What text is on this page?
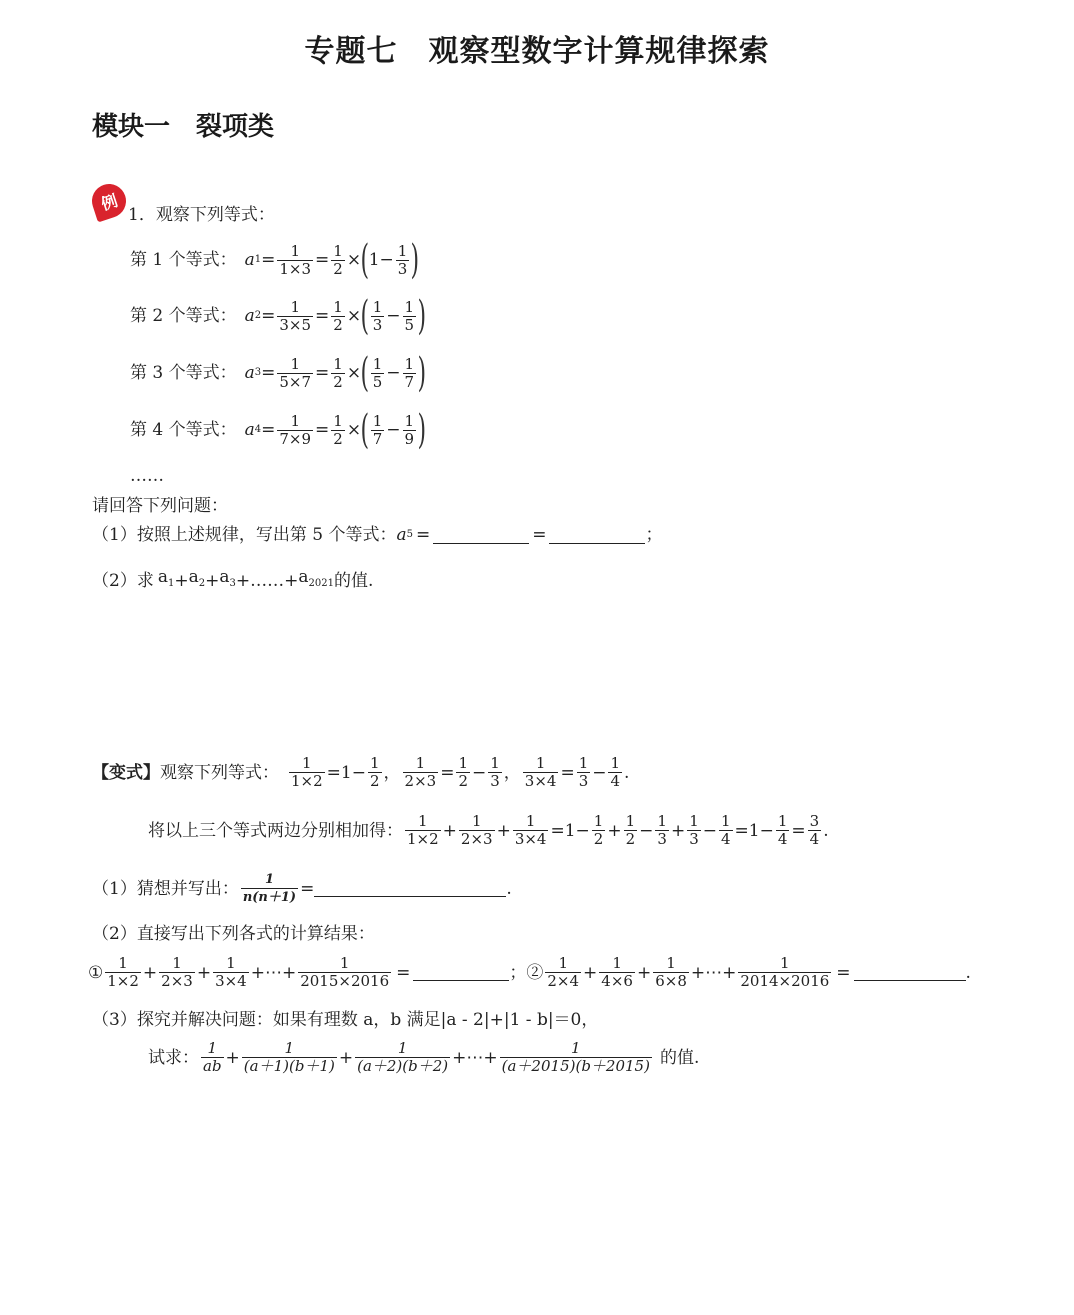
专题七　观察型数字计算规律探索
模块一　裂项类
例
1．观察下列等式：
第 1 个等式： a $1 = \frac{1}{1\times 3} = \frac{1}{2}$ × ( $1 - \frac{1}{3}$ )
第 2 个等式： a $2 = \frac{1}{3\times 5} = \frac{1}{2}$ × ( $\frac{1}{3} - \frac{1}{5}$ )
第 3 个等式： a $3 = \frac{1}{5\times 7} = \frac{1}{2}$ × ( $\frac{1}{5} - \frac{1}{7}$ )
第 4 个等式： a $4 = \frac{1}{7\times 9} = \frac{1}{2}$ × ( $\frac{1}{7} - \frac{1}{9}$ )
……
请回答下列问题：
（1）按照上述规律，写出第 5 个等式： a 5 =	=	；
（2）求 $a_1 + a_2 + a_3$ + …… + $a_{2021}$ 的值.
【变式】 观察下列等式： $\frac{1}{1\times 2} = 1 - \frac{1}{2}$ ， $\frac{1}{2\times 3} = \frac{1}{2} - \frac{1}{3}$ ， $\frac{1}{3\times 4} = \frac{1}{3} - \frac{1}{4}$ .
将以上三个等式两边分别相加得： $\frac{1}{1\times 2} + \frac{1}{2\times 3} + \frac{1}{3\times 4} = 1 - \frac{1}{2} + \frac{1}{2} - \frac{1}{3} + \frac{1}{3} - \frac{1}{4} = 1 - \frac{1}{4} = \frac{3}{4}$ .
（1）猜想并写出： $\frac{1}{n(n+1)}$ =	.
（2）直接写出下列各式的计算结果：
① $\frac{1}{1\times 2} + \frac{1}{2\times 3} + \frac{1}{3\times 4}$ + ⋯ + $\frac{1}{2015\times 2016}$ =	；② $\frac{1}{2\times 4} + \frac{1}{4\times 6} + \frac{1}{6\times 8}$ + ⋯ + $\frac{1}{2014\times 2016}$ =	.
（3）探究并解决问题：如果有理数 a，b 满足|a - 2|+|1 - b|＝0，
试求： $\frac{1}{ab} + \frac{1}{(a+1)(b+1)} + \frac{1}{(a+2)(b+2)}$ + ⋯ + $\frac{1}{(a+2015)(b+2015)}$ 的值.
